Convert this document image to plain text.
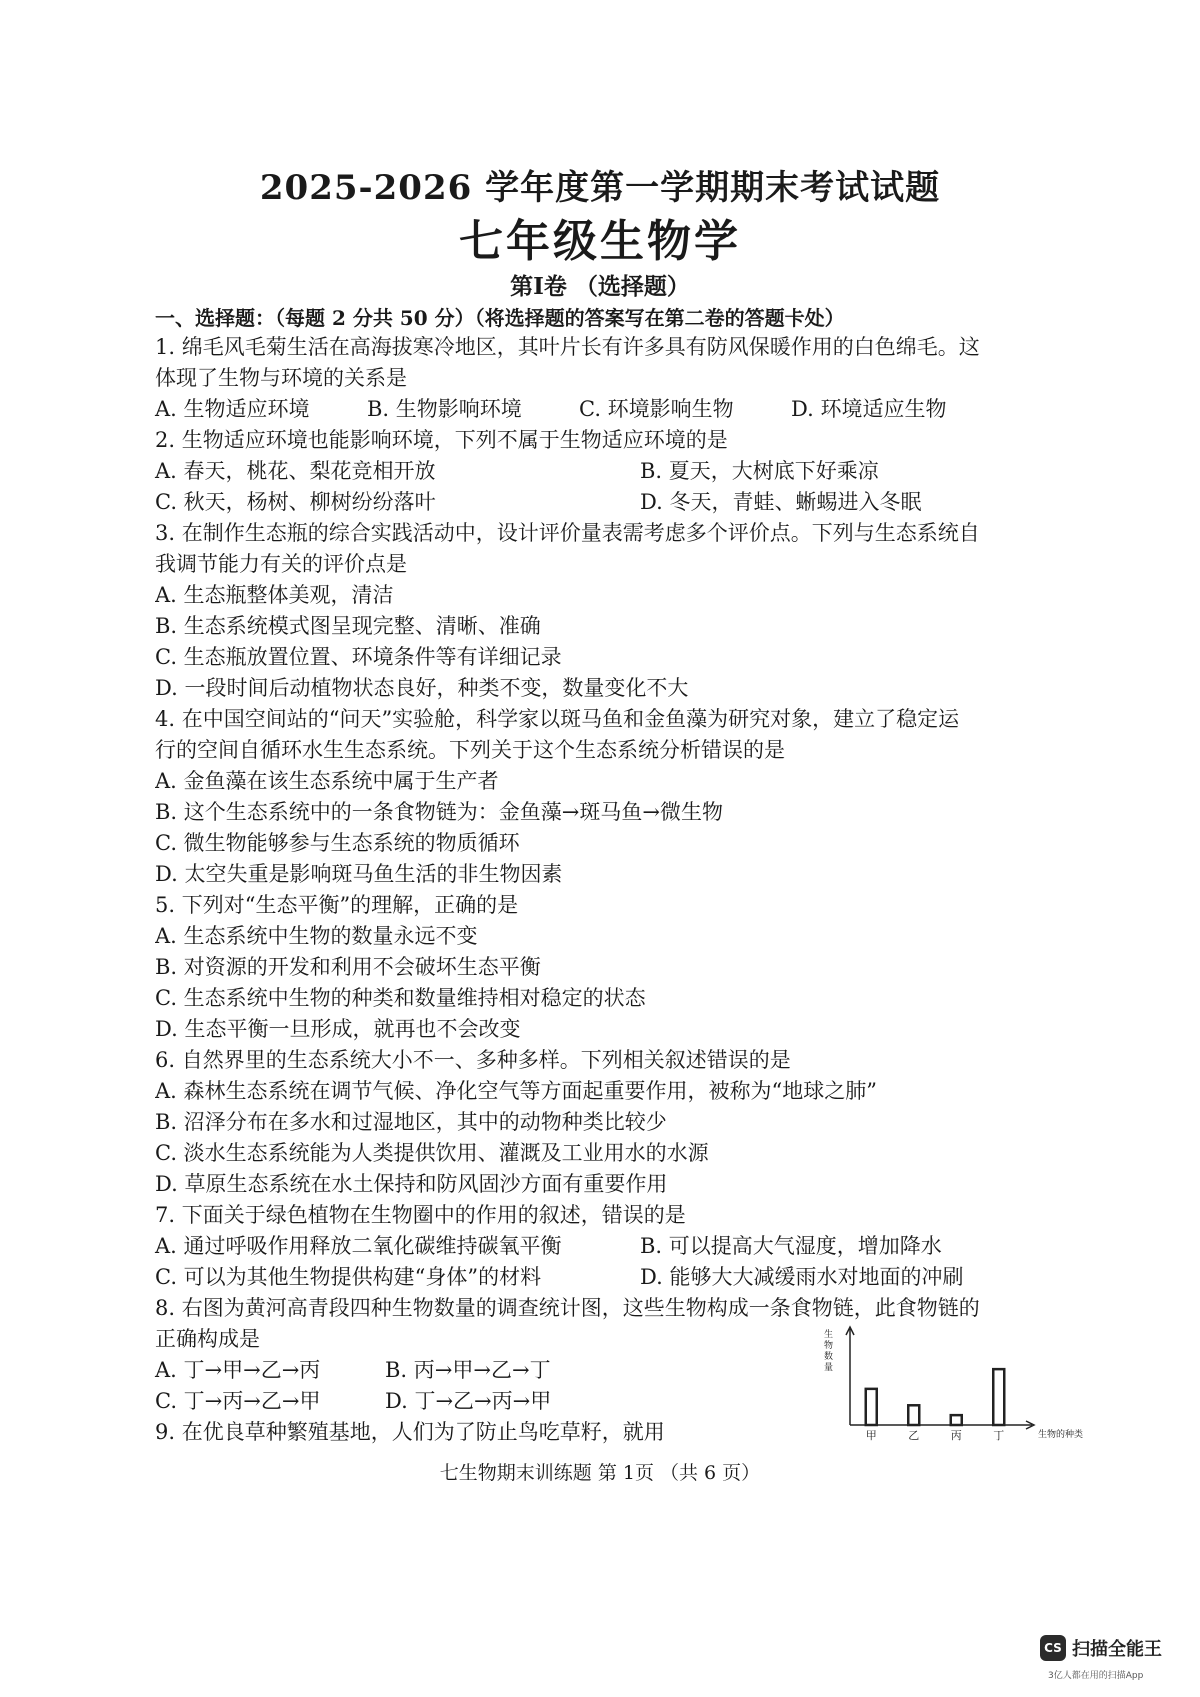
2025-2026 学年度第一学期期末考试试题
七年级生物学
第Ⅰ卷 （选择题）
一、选择题：（每题 2 分共 50 分）（将选择题的答案写在第二卷的答题卡处）
1. 绵毛风毛菊生活在高海拔寒冷地区，其叶片长有许多具有防风保暖作用的白色绵毛。这
体现了生物与环境的关系是
A. 生物适应环境	B. 生物影响环境	C. 环境影响生物	D. 环境适应生物
2. 生物适应环境也能影响环境，下列不属于生物适应环境的是
A. 春天，桃花、梨花竞相开放	B. 夏天，大树底下好乘凉
C. 秋天，杨树、柳树纷纷落叶	D. 冬天，青蛙、蜥蜴进入冬眠
3. 在制作生态瓶的综合实践活动中，设计评价量表需考虑多个评价点。下列与生态系统自
我调节能力有关的评价点是
A. 生态瓶整体美观，清洁
B. 生态系统模式图呈现完整、清晰、准确
C. 生态瓶放置位置、环境条件等有详细记录
D. 一段时间后动植物状态良好，种类不变，数量变化不大
4. 在中国空间站的“问天”实验舱，科学家以斑马鱼和金鱼藻为研究对象，建立了稳定运
行的空间自循环水生生态系统。下列关于这个生态系统分析错误的是
A. 金鱼藻在该生态系统中属于生产者
B. 这个生态系统中的一条食物链为：金鱼藻→斑马鱼→微生物
C. 微生物能够参与生态系统的物质循环
D. 太空失重是影响斑马鱼生活的非生物因素
5. 下列对“生态平衡”的理解，正确的是
A. 生态系统中生物的数量永远不变
B. 对资源的开发和利用不会破坏生态平衡
C. 生态系统中生物的种类和数量维持相对稳定的状态
D. 生态平衡一旦形成，就再也不会改变
6. 自然界里的生态系统大小不一、多种多样。下列相关叙述错误的是
A. 森林生态系统在调节气候、净化空气等方面起重要作用，被称为“地球之肺”
B. 沼泽分布在多水和过湿地区，其中的动物种类比较少
C. 淡水生态系统能为人类提供饮用、灌溉及工业用水的水源
D. 草原生态系统在水土保持和防风固沙方面有重要作用
7. 下面关于绿色植物在生物圈中的作用的叙述，错误的是
A. 通过呼吸作用释放二氧化碳维持碳氧平衡	B. 可以提高大气湿度，增加降水
C. 可以为其他生物提供构建“身体”的材料	D. 能够大大减缓雨水对地面的冲刷
8. 右图为黄河高青段四种生物数量的调查统计图，这些生物构成一条食物链，此食物链的
正确构成是
A. 丁→甲→乙→丙	B. 丙→甲→乙→丁
C. 丁→丙→乙→甲	D. 丁→乙→丙→甲
9. 在优良草种繁殖基地，人们为了防止鸟吃草籽，就用
生物数量
生物的种类
甲	乙	丙	丁
七生物期末训练题 第 1页 （共 6 页）
CS 扫描全能王
3亿人都在用的扫描App
